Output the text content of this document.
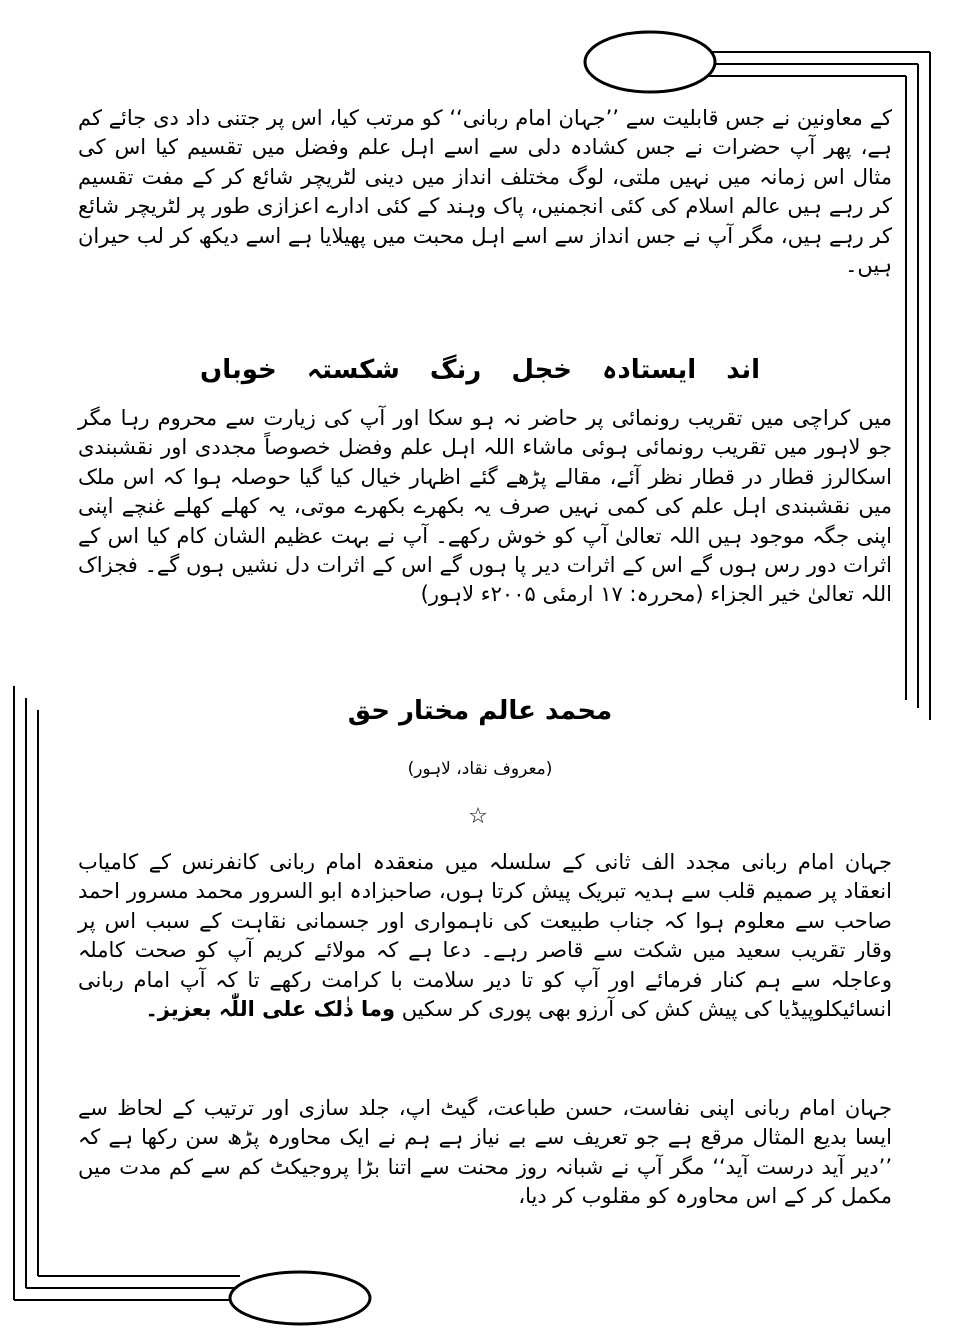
کے معاونین نے جس قابلیت سے ’’جہان امام ربانی‘‘ کو مرتب کیا، اس پر جتنی داد دی جائے کم ہے، پھر آپ حضرات نے جس کشادہ دلی سے اسے اہل علم وفضل میں تقسیم کیا اس کی مثال اس زمانہ میں نہیں ملتی، لوگ مختلف انداز میں دینی لٹریچر شائع کر کے مفت تقسیم کر رہے ہیں عالم اسلام کی کئی انجمنیں، پاک وہند کے کئی ادارے اعزازی طور پر لٹریچر شائع کر رہے ہیں، مگر آپ نے جس انداز سے اسے اہل محبت میں پھیلایا ہے اسے دیکھ کر لب حیران ہیں۔
خوباں شکستہ رنگ خجل ایستادہ اند
میں کراچی میں تقریب رونمائی پر حاضر نہ ہو سکا اور آپ کی زیارت سے محروم رہا مگر جو لاہور میں تقریب رونمائی ہوئی ماشاء اللہ اہل علم وفضل خصوصاً مجددی اور نقشبندی اسکالرز قطار در قطار نظر آئے، مقالے پڑھے گئے اظہار خیال کیا گیا حوصلہ ہوا کہ اس ملک میں نقشبندی اہل علم کی کمی نہیں صرف یہ بکھرے بکھرے موتی، یہ کھلے کھلے غنچے اپنی اپنی جگہ موجود ہیں اللہ تعالیٰ آپ کو خوش رکھے۔ آپ نے بہت عظیم الشان کام کیا اس کے اثرات دور رس ہوں گے اس کے اثرات دیر پا ہوں گے اس کے اثرات دل نشیں ہوں گے۔ فجزاک اللہ تعالیٰ خیر الجزاء (محررہ: ۱۷ ارمئی ۲۰۰۵ء لاہور)
محمد عالم مختار حق
(معروف نقاد، لاہور)
☆
جہان امام ربانی مجدد الف ثانی کے سلسلہ میں منعقدہ امام ربانی کانفرنس کے کامیاب انعقاد پر صمیم قلب سے ہدیہ تبریک پیش کرتا ہوں، صاحبزادہ ابو السرور محمد مسرور احمد صاحب سے معلوم ہوا کہ جناب طبیعت کی ناہمواری اور جسمانی نقاہت کے سبب اس پر وقار تقریب سعید میں شکت سے قاصر رہے۔ دعا ہے کہ مولائے کریم آپ کو صحت کاملہ وعاجلہ سے ہم کنار فرمائے اور آپ کو تا دیر سلامت با کرامت رکھے تا کہ آپ امام ربانی انسائیکلوپیڈیا کی پیش کش کی آرزو بھی پوری کر سکیں وما ذٰلک علی اللّٰہ بعزیز۔
جہان امام ربانی اپنی نفاست، حسن طباعت، گیٹ اپ، جلد سازی اور ترتیب کے لحاظ سے ایسا بدیع المثال مرقع ہے جو تعریف سے بے نیاز ہے ہم نے ایک محاورہ پڑھ سن رکھا ہے کہ ’’دیر آید درست آید‘‘ مگر آپ نے شبانہ روز محنت سے اتنا بڑا پروجیکٹ کم سے کم مدت میں مکمل کر کے اس محاورہ کو مقلوب کر دیا،
